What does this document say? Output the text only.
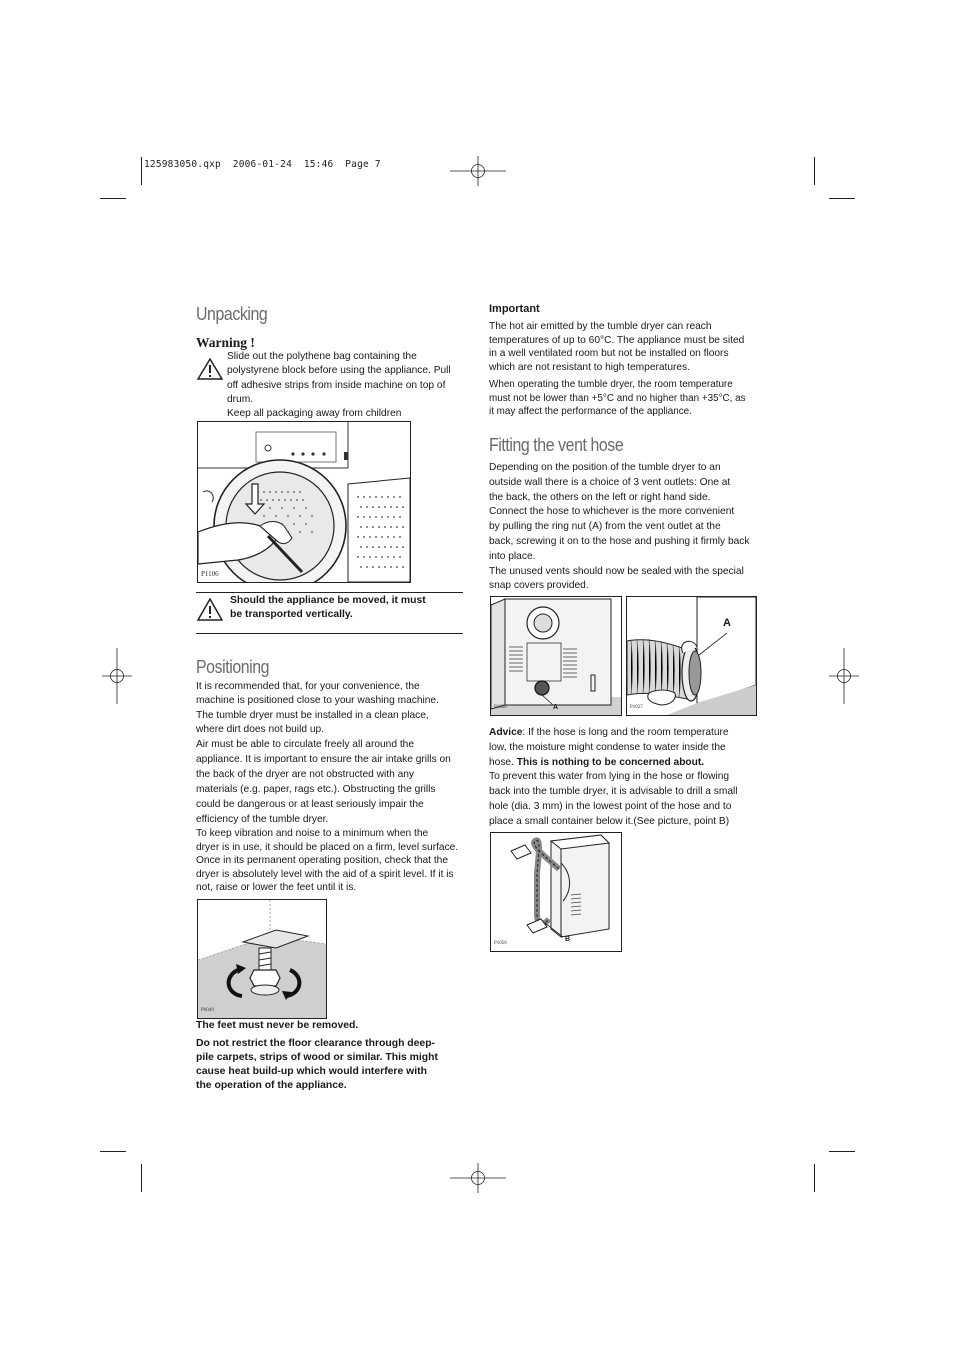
125983050.qxp  2006-01-24  15:46  Page 7
Unpacking
Warning !

Slide out the polythene bag containing the

polystyrene block before using the appliance. Pull

off adhesive strips from inside machine on top of

drum.

Keep all packaging away from children

P1106

Should the appliance be moved, it must

be transported vertically.

Positioning

It is recommended that, for your convenience, the

machine is positioned close to your washing machine.

The tumble dryer must be installed in a clean place,

where dirt does not build up.

Air must be able to circulate freely all around the

appliance. It is important to ensure the air intake grills on

the back of the dryer are not obstructed with any

materials (e.g. paper, rags etc.). Obstructing the grills

could be dangerous or at least seriously impair the

efficiency of the tumble dryer.

To keep vibration and noise to a minimum when the

dryer is in use, it should be placed on a firm, level surface.

Once in its permanent operating position, check that the

dryer is absolutely level with the aid of a spirit level. If it is

not, raise or lower the feet until it is.

P0049
The feet must never be removed.

Do not restrict the floor clearance through deep-

pile carpets, strips of wood or similar. This might

cause heat build-up which would interfere with

the operation of the appliance.

Important

The hot air emitted by the tumble dryer can reach

temperatures of up to 60°C. The appliance must be sited

in a well ventilated room but not be installed on floors

which are not resistant to high temperatures.

When operating the tumble dryer, the room temperature

must not be lower than +5°C and no higher than +35°C, as

it may affect the performance of the appliance.

Fitting the vent hose

Depending on the position of the tumble dryer to an

outside wall there is a choice of 3 vent outlets: One at

the back, the others on the left or right hand side.

Connect the hose to whichever is the more convenient

by pulling the ring nut (A) from the vent outlet at the

back, screwing it on to the hose and pushing it firmly back

into place.

The unused vents should now be sealed with the special

snap covers provided.

A
P1028
A
P1027

Advice: If the hose is long and the room temperature

low, the moisture might condense to water inside the

hose. This is nothing to be concerned about.

To prevent this water from lying in the hose or flowing

back into the tumble dryer, it is advisable to drill a small

hole (dia. 3 mm) in the lowest point of the hose and to

place a small container below it.(See picture, point B)

B
P1056
